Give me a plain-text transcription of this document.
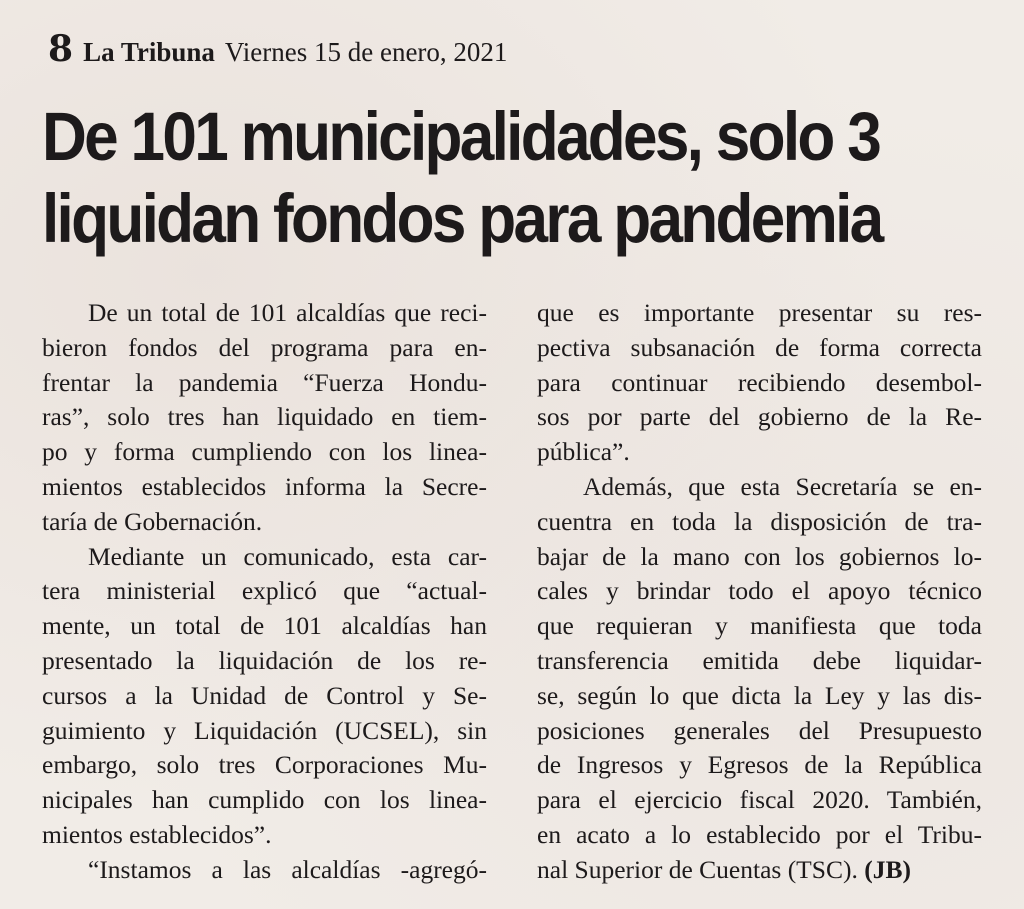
8 La Tribuna Viernes 15 de enero, 2021
De 101 municipalidades, solo 3
liquidan fondos para pandemia
De un total de 101 alcaldías que reci-
bieron fondos del programa para en-
frentar la pandemia “Fuerza Hondu-
ras”, solo tres han liquidado en tiem-
po y forma cumpliendo con los linea-
mientos establecidos informa la Secre-
taría de Gobernación.
Mediante un comunicado, esta car-
tera ministerial explicó que “actual-
mente, un total de 101 alcaldías han
presentado la liquidación de los re-
cursos a la Unidad de Control y Se-
guimiento y Liquidación (UCSEL), sin
embargo, solo tres Corporaciones Mu-
nicipales han cumplido con los linea-
mientos establecidos”.
“Instamos a las alcaldías -agregó-
que es importante presentar su res-
pectiva subsanación de forma correcta
para continuar recibiendo desembol-
sos por parte del gobierno de la Re-
pública”.
Además, que esta Secretaría se en-
cuentra en toda la disposición de tra-
bajar de la mano con los gobiernos lo-
cales y brindar todo el apoyo técnico
que requieran y manifiesta que toda
transferencia emitida debe liquidar-
se, según lo que dicta la Ley y las dis-
posiciones generales del Presupuesto
de Ingresos y Egresos de la República
para el ejercicio fiscal 2020. También,
en acato a lo establecido por el Tribu-
nal Superior de Cuentas (TSC). (JB)
